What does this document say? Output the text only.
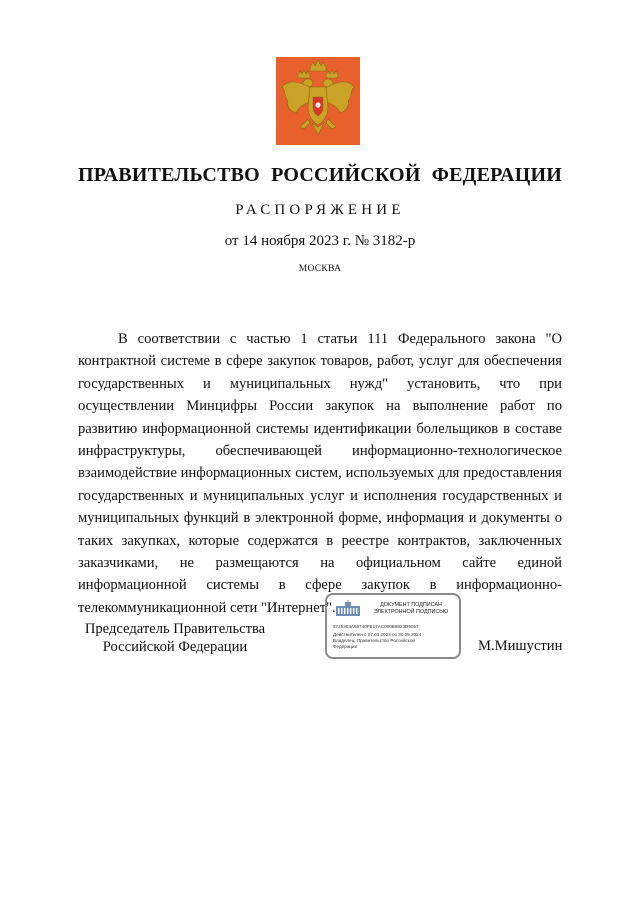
ПРАВИТЕЛЬСТВО РОССИЙСКОЙ ФЕДЕРАЦИИ
РАСПОРЯЖЕНИЕ
от 14 ноября 2023 г. № 3182-р
МОСКВА

В соответствии с частью 1 статьи 111 Федерального закона "О контрактной системе в сфере закупок товаров, работ, услуг для обеспечения государственных и муниципальных нужд" установить, что при осуществлении Минцифры России закупок на выполнение работ по развитию информационной системы идентификации болельщиков в составе инфраструктуры, обеспечивающей информационно-технологическое взаимодействие информационных систем, используемых для предоставления государственных и муниципальных услуг и исполнения государственных и муниципальных функций в электронной форме, информация и документы о таких закупках, которые содержатся в реестре контрактов, заключенных заказчиками, не размещаются на официальном сайте единой информационной системы в сфере закупок в информационно-телекоммуникационной сети "Интернет".

Председатель Правительства
Российской Федерации
ДОКУМЕНТ ПОДПИСАН
ЭЛЕКТРОННОЙ ПОДПИСЬЮ
5725303A69740FB17AC000B9823D9057
Действителен с 07.03.2023 по 30.05.2024
Владелец: Правительство Российской
Федерации	М.Мишустин
